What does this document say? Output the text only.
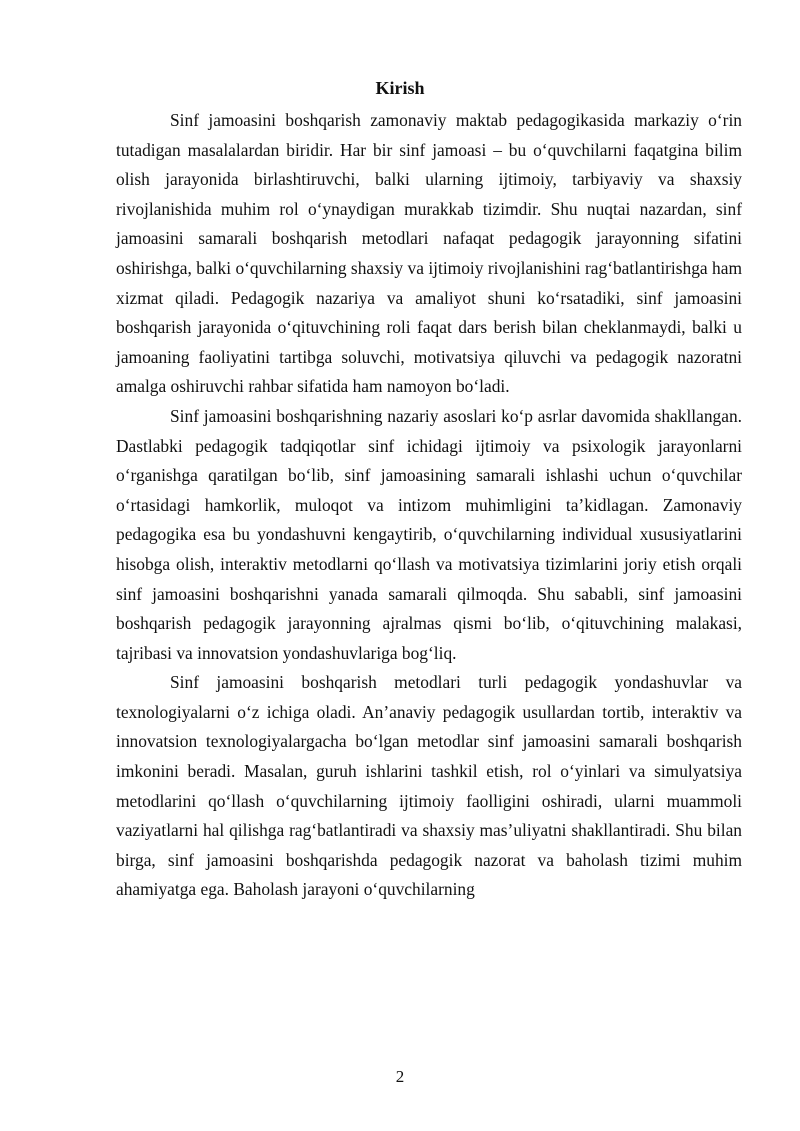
Kirish

Sinf jamoasini boshqarish zamonaviy maktab pedagogikasida markaziy o‘rin tutadigan masalalardan biridir. Har bir sinf jamoasi – bu o‘quvchilarni faqatgina bilim olish jarayonida birlashtiruvchi, balki ularning ijtimoiy, tarbiyaviy va shaxsiy rivojlanishida muhim rol o‘ynaydigan murakkab tizimdir. Shu nuqtai nazardan, sinf jamoasini samarali boshqarish metodlari nafaqat pedagogik jarayonning sifatini oshirishga, balki o‘quvchilarning shaxsiy va ijtimoiy rivojlanishini rag‘batlantirishga ham xizmat qiladi. Pedagogik nazariya va amaliyot shuni ko‘rsatadiki, sinf jamoasini boshqarish jarayonida o‘qituvchining roli faqat dars berish bilan cheklanmaydi, balki u jamoaning faoliyatini tartibga soluvchi, motivatsiya qiluvchi va pedagogik nazoratni amalga oshiruvchi rahbar sifatida ham namoyon bo‘ladi.

Sinf jamoasini boshqarishning nazariy asoslari ko‘p asrlar davomida shakllangan. Dastlabki pedagogik tadqiqotlar sinf ichidagi ijtimoiy va psixologik jarayonlarni o‘rganishga qaratilgan bo‘lib, sinf jamoasining samarali ishlashi uchun o‘quvchilar o‘rtasidagi hamkorlik, muloqot va intizom muhimligini ta’kidlagan. Zamonaviy pedagogika esa bu yondashuvni kengaytirib, o‘quvchilarning individual xususiyatlarini hisobga olish, interaktiv metodlarni qo‘llash va motivatsiya tizimlarini joriy etish orqali sinf jamoasini boshqarishni yanada samarali qilmoqda. Shu sababli, sinf jamoasini boshqarish pedagogik jarayonning ajralmas qismi bo‘lib, o‘qituvchining malakasi, tajribasi va innovatsion yondashuvlariga bog‘liq.

Sinf jamoasini boshqarish metodlari turli pedagogik yondashuvlar va texnologiyalarni o‘z ichiga oladi. An’anaviy pedagogik usullardan tortib, interaktiv va innovatsion texnologiyalargacha bo‘lgan metodlar sinf jamoasini samarali boshqarish imkonini beradi. Masalan, guruh ishlarini tashkil etish, rol o‘yinlari va simulyatsiya metodlarini qo‘llash o‘quvchilarning ijtimoiy faolligini oshiradi, ularni muammoli vaziyatlarni hal qilishga rag‘batlantiradi va shaxsiy mas’uliyatni shakllantiradi. Shu bilan birga, sinf jamoasini boshqarishda pedagogik nazorat va baholash tizimi muhim ahamiyatga ega. Baholash jarayoni o‘quvchilarning

2
